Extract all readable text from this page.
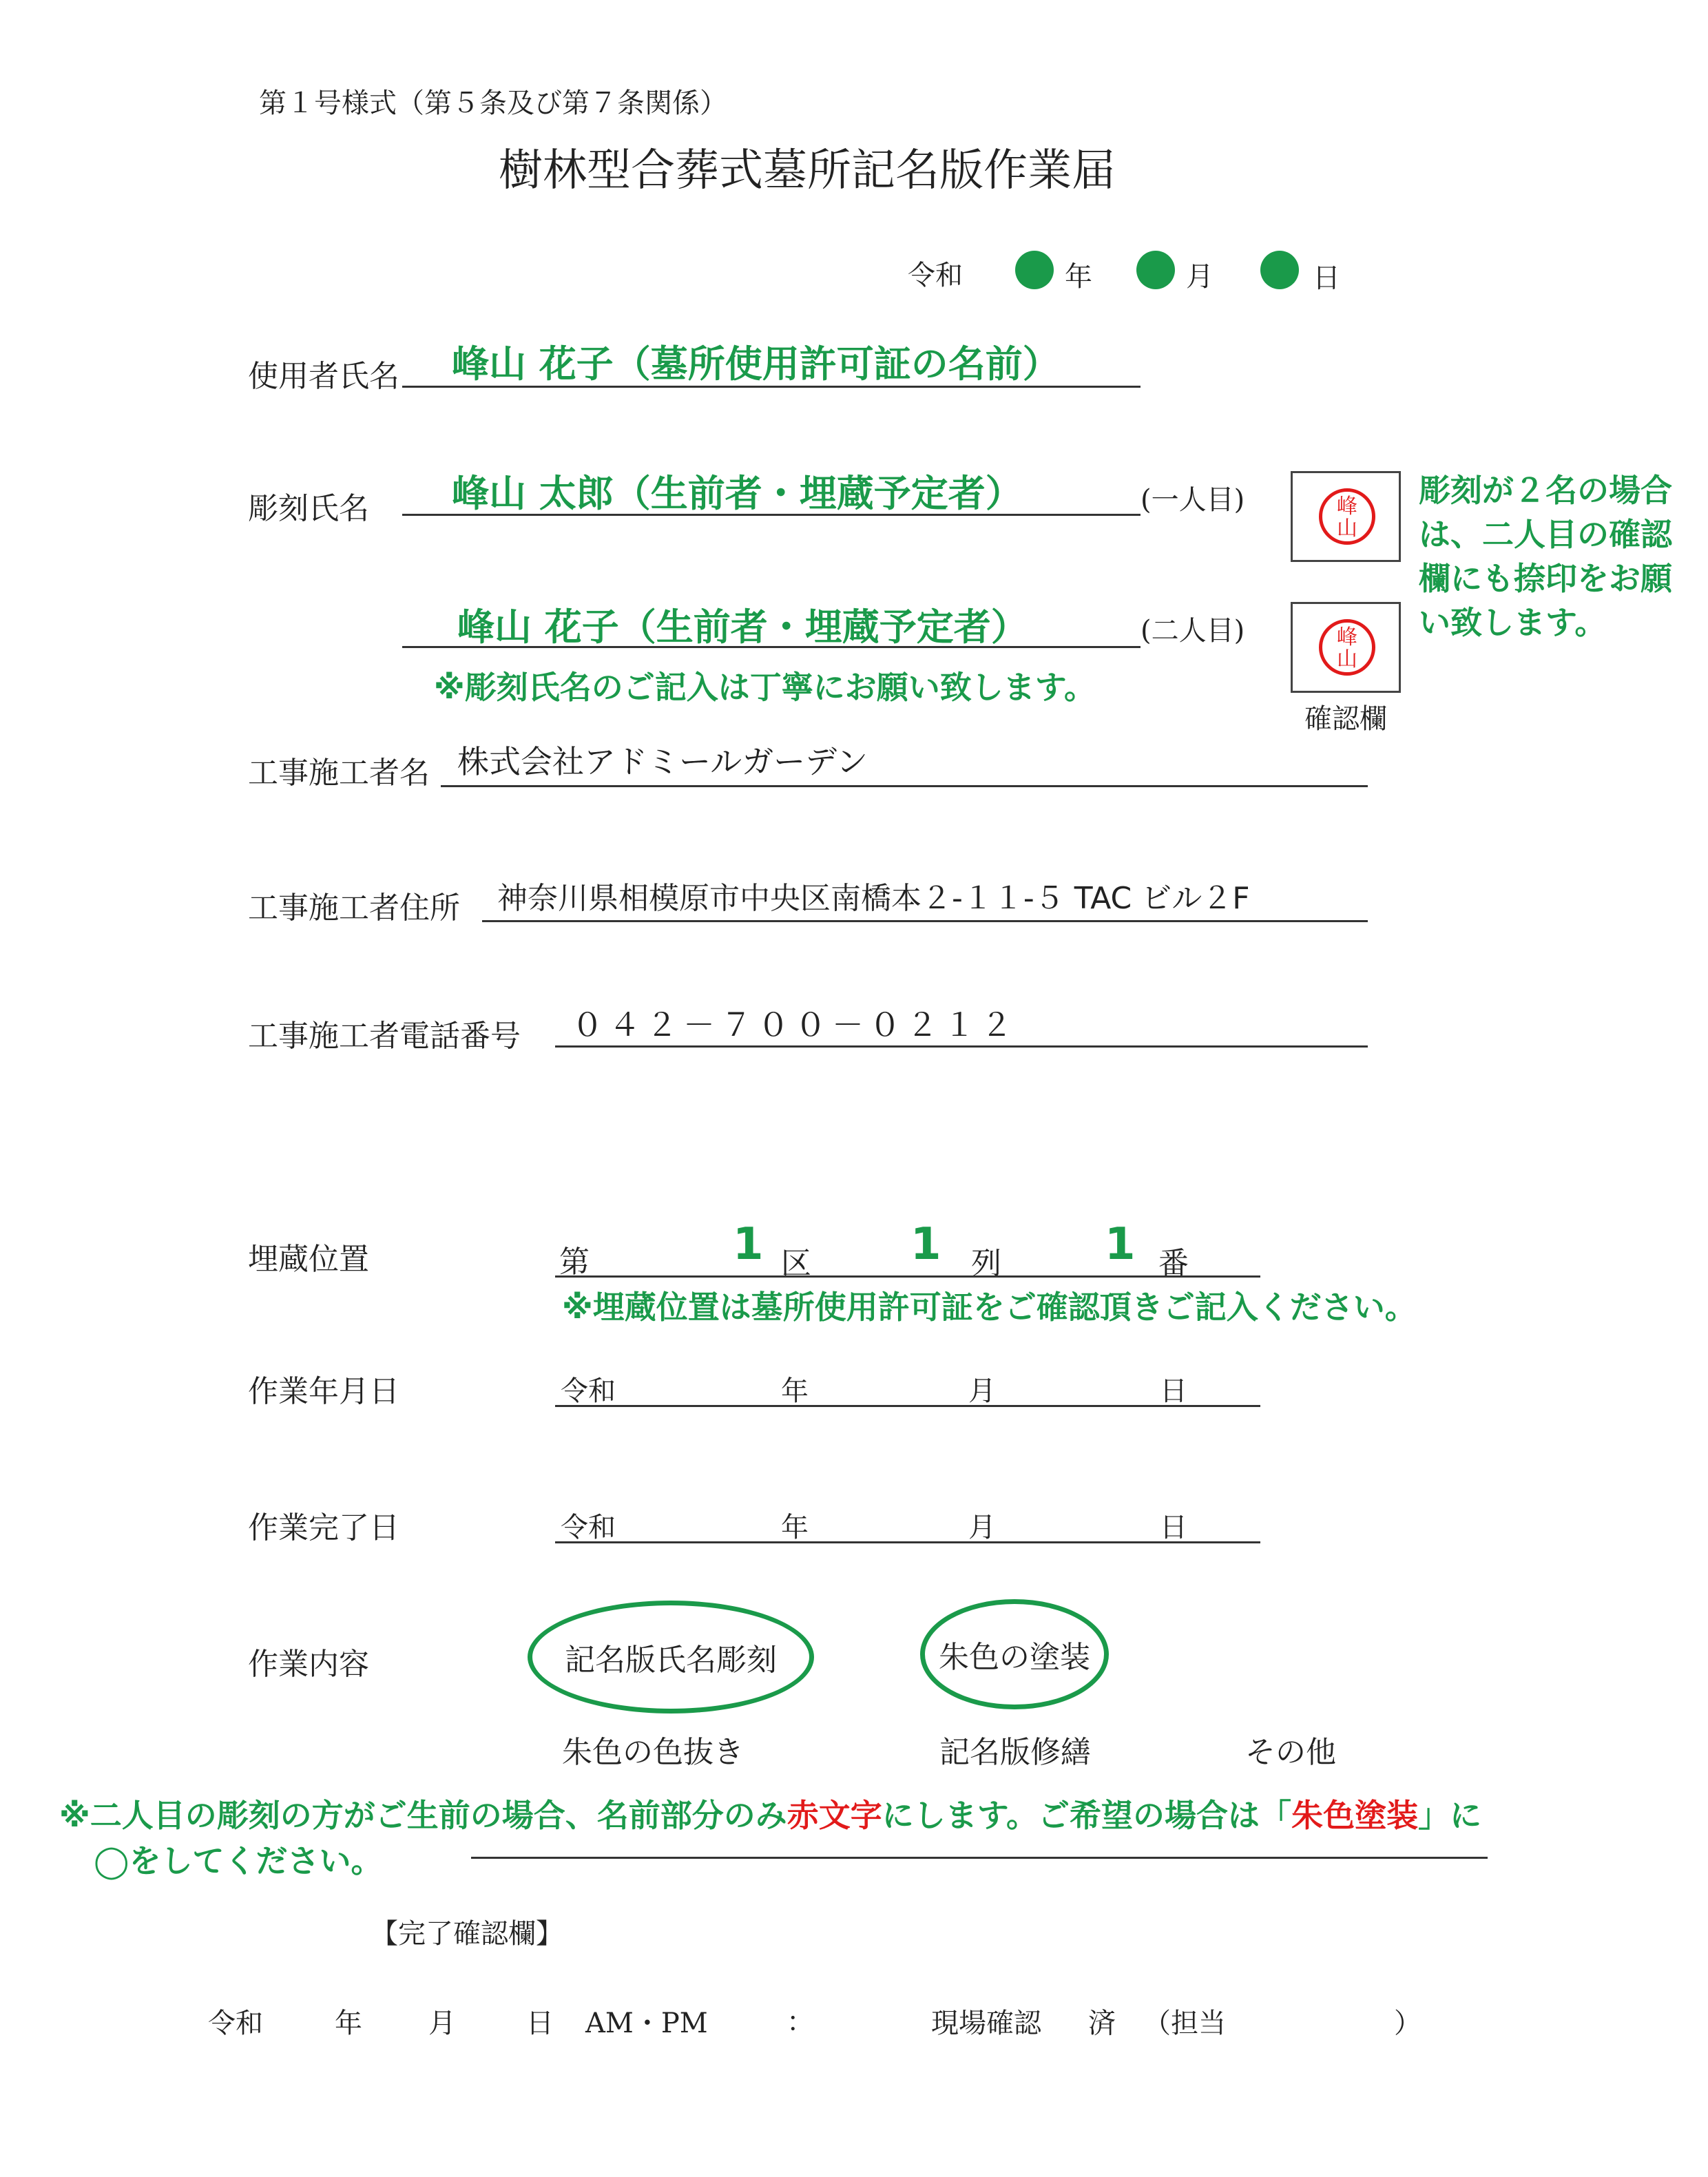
第１号様式（第５条及び第７条関係）
樹林型合葬式墓所記名版作業届
令和	年	月	日
使用者氏名 峰山 花子（墓所使用許可証の名前）
彫刻氏名 峰山 太郎（生前者・埋蔵予定者）	(一人目)
峰山 花子（生前者・埋蔵予定者）	(二人目)
※彫刻氏名のご記入は丁寧にお願い致します。
峰
山
峰
山
確認欄
彫刻が２名の場合
は、二人目の確認
欄にも捺印をお願
い致します。
工事施工者名 株式会社アドミールガーデン
工事施工者住所 神奈川県相模原市中央区南橋本２-１１-５ TAC ビル２F
工事施工者電話番号 ０４２－７００－０２１２
埋蔵位置	第	1 区 1 列 1 番
※埋蔵位置は墓所使用許可証をご確認頂きご記入ください。
作業年月日	令和	年	月	日
作業完了日	令和	年	月	日
作業内容	記名版氏名彫刻	朱色の塗装
朱色の色抜き	記名版修繕	その他
※二人目の彫刻の方がご生前の場合、名前部分のみ赤文字にします。ご希望の場合は「朱色塗装」に
◯をしてください。
【完了確認欄】
令和	年 月	日 AM・PM	：	現場確認 済 （担当	）
